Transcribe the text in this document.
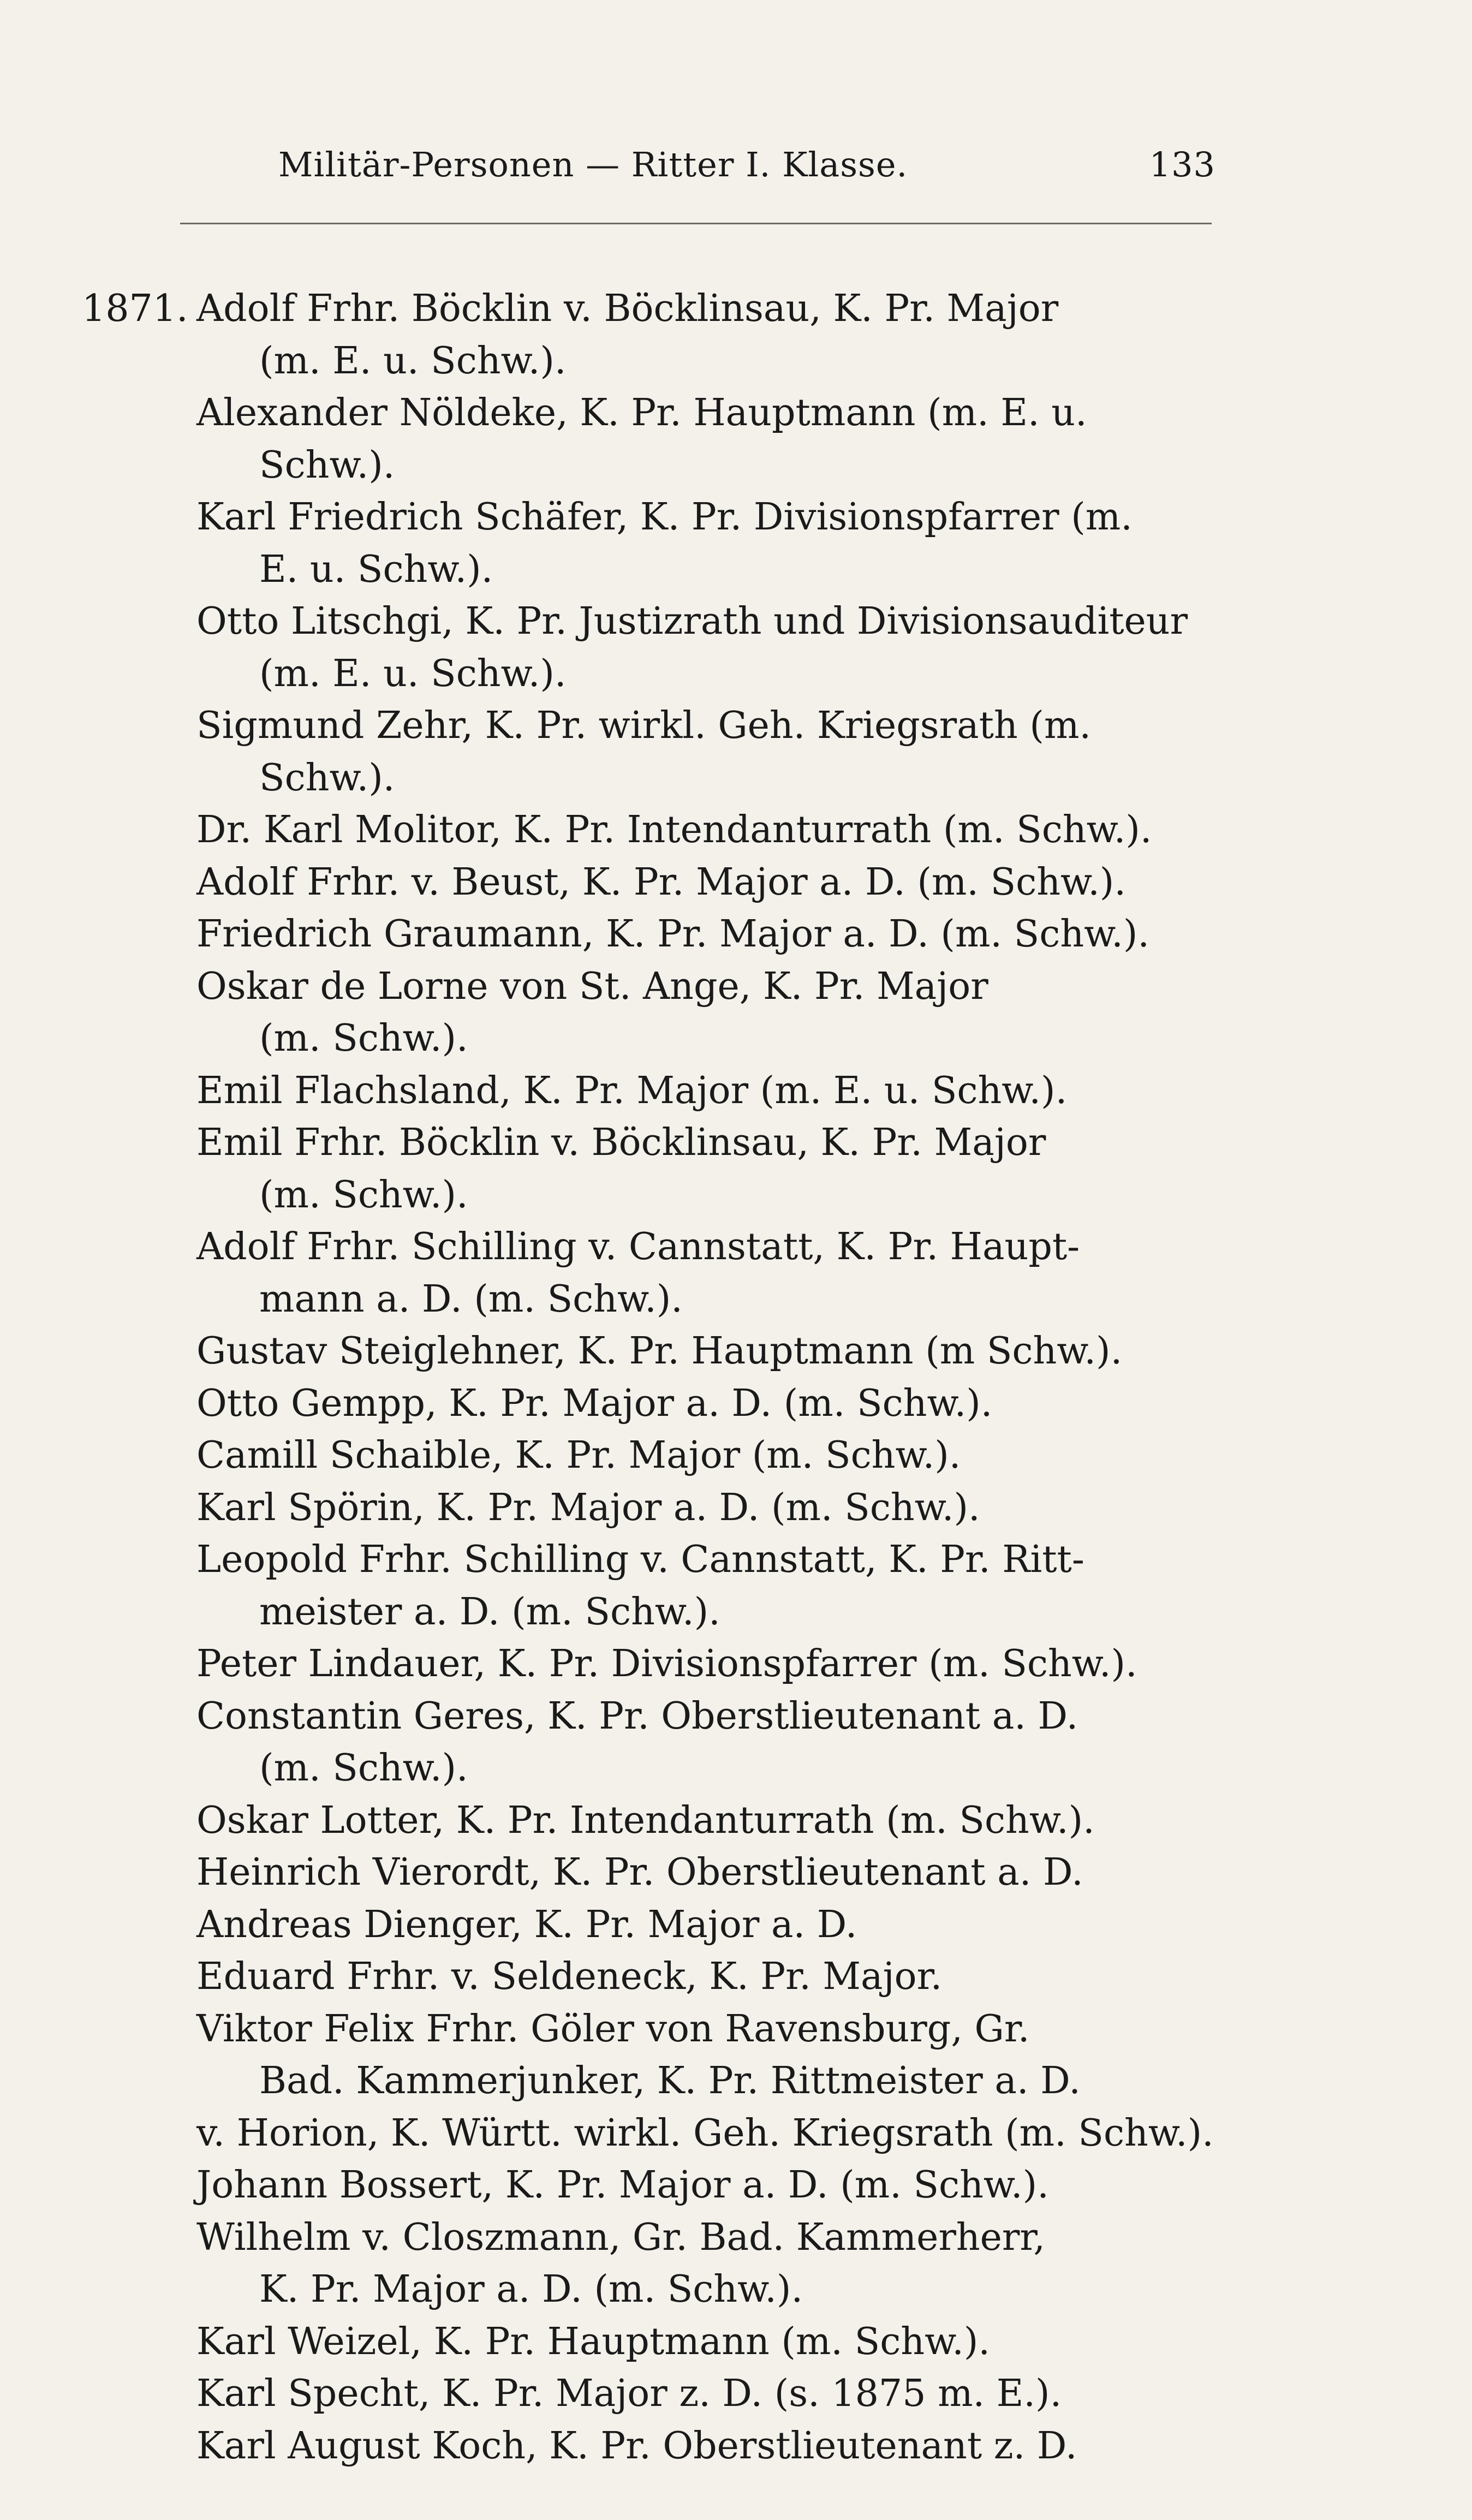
Militär-Personen — Ritter I. Klasse.	133
1871. Adolf Frhr. Böcklin v. Böcklinsau, K. Pr. Major
(m. E. u. Schw.).
Alexander Nöldeke, K. Pr. Hauptmann (m. E. u.
Schw.).
Karl Friedrich Schäfer, K. Pr. Divisionspfarrer (m.
E. u. Schw.).
Otto Litschgi, K. Pr. Justizrath und Divisionsauditeur
(m. E. u. Schw.).
Sigmund Zehr, K. Pr. wirkl. Geh. Kriegsrath (m.
Schw.).
Dr. Karl Molitor, K. Pr. Intendanturrath (m. Schw.).
Adolf Frhr. v. Beust, K. Pr. Major a. D. (m. Schw.).
Friedrich Graumann, K. Pr. Major a. D. (m. Schw.).
Oskar de Lorne von St. Ange, K. Pr. Major
(m. Schw.).
Emil Flachsland, K. Pr. Major (m. E. u. Schw.).
Emil Frhr. Böcklin v. Böcklinsau, K. Pr. Major
(m. Schw.).
Adolf Frhr. Schilling v. Cannstatt, K. Pr. Haupt-
mann a. D. (m. Schw.).
Gustav Steiglehner, K. Pr. Hauptmann (m Schw.).
Otto Gempp, K. Pr. Major a. D. (m. Schw.).
Camill Schaible, K. Pr. Major (m. Schw.).
Karl Spörin, K. Pr. Major a. D. (m. Schw.).
Leopold Frhr. Schilling v. Cannstatt, K. Pr. Ritt-
meister a. D. (m. Schw.).
Peter Lindauer, K. Pr. Divisionspfarrer (m. Schw.).
Constantin Geres, K. Pr. Oberstlieutenant a. D.
(m. Schw.).
Oskar Lotter, K. Pr. Intendanturrath (m. Schw.).
Heinrich Vierordt, K. Pr. Oberstlieutenant a. D.
Andreas Dienger, K. Pr. Major a. D.
Eduard Frhr. v. Seldeneck, K. Pr. Major.
Viktor Felix Frhr. Göler von Ravensburg, Gr.
Bad. Kammerjunker, K. Pr. Rittmeister a. D.
v. Horion, K. Württ. wirkl. Geh. Kriegsrath (m. Schw.).
Johann Bossert, K. Pr. Major a. D. (m. Schw.).
Wilhelm v. Closzmann, Gr. Bad. Kammerherr,
K. Pr. Major a. D. (m. Schw.).
Karl Weizel, K. Pr. Hauptmann (m. Schw.).
Karl Specht, K. Pr. Major z. D. (s. 1875 m. E.).
Karl August Koch, K. Pr. Oberstlieutenant z. D.
